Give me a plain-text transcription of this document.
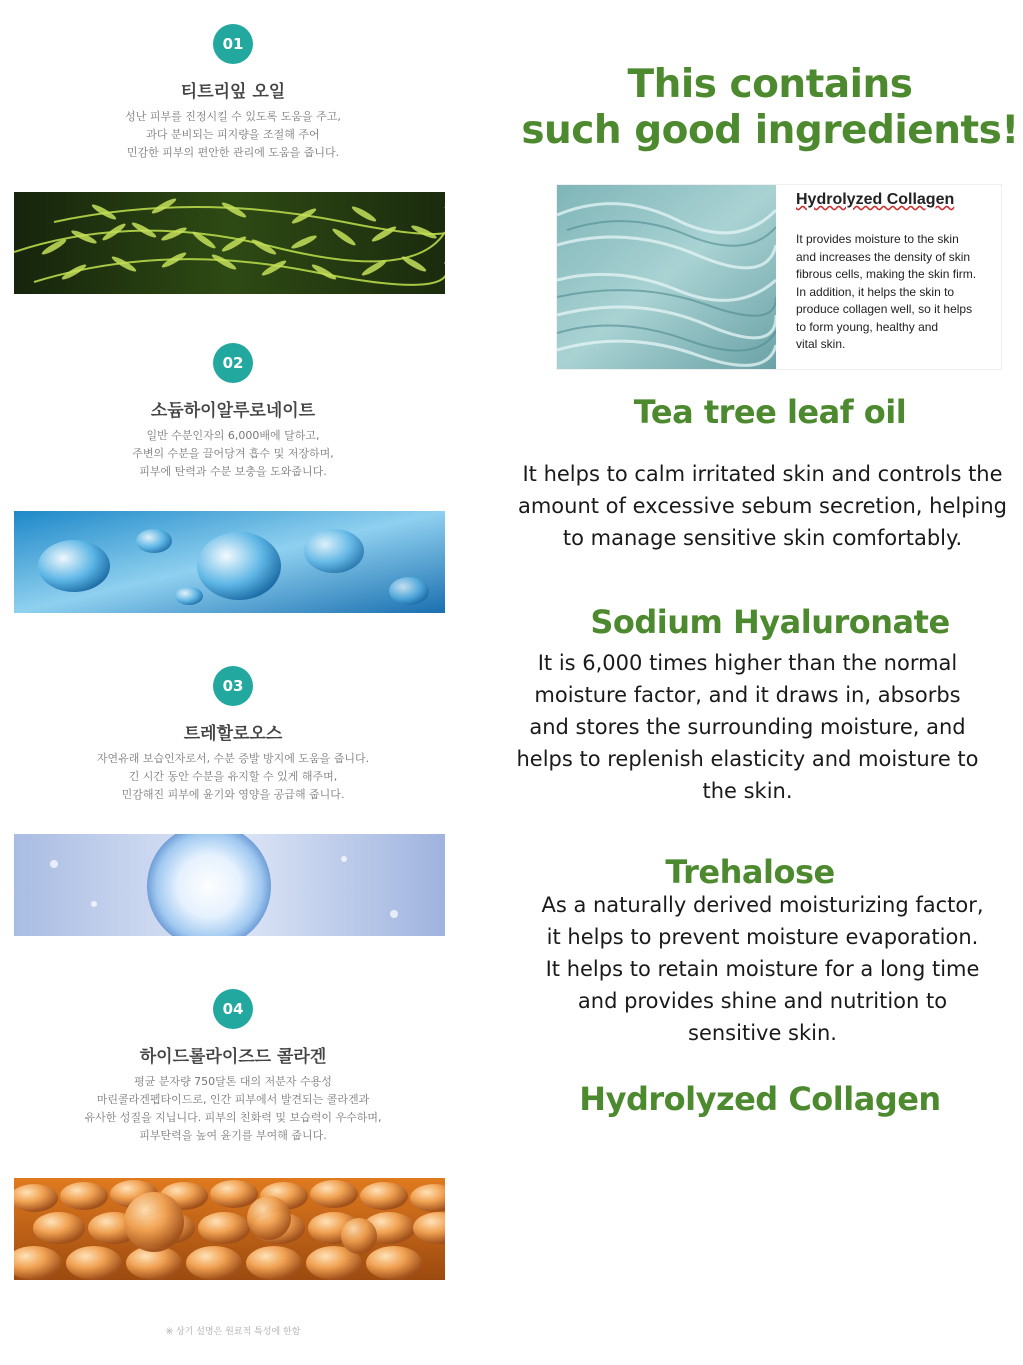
01
티트리잎 오일
성난 피부를 진정시킬 수 있도록 도움을 주고,
과다 분비되는 피지량을 조절해 주어
민감한 피부의 편안한 관리에 도움을 줍니다.
02
소듐하이알루로네이트
일반 수분인자의 6,000배에 달하고,
주변의 수분을 끌어당겨 흡수 및 저장하며,
피부에 탄력과 수분 보충을 도와줍니다.
03
트레할로오스
자연유래 보습인자로서, 수분 증발 방지에 도움을 줍니다.
긴 시간 동안 수분을 유지할 수 있게 해주며,
민감해진 피부에 윤기와 영양을 공급해 줍니다.
04
하이드롤라이즈드 콜라겐
평균 분자량 750달톤 대의 저분자 수용성
마린콜라겐펩타이드로, 인간 피부에서 발견되는 콜라겐과
유사한 성질을 지닙니다. 피부의 친화력 및 보습력이 우수하며,
피부탄력을 높여 윤기를 부여해 줍니다.
※ 상기 설명은 원료적 특성에 한함
This contains
such good ingredients!
Hydrolyzed Collagen
It provides moisture to the skin
and increases the density of skin
fibrous cells, making the skin firm.
In addition, it helps the skin to
produce collagen well, so it helps
to form young, healthy and
vital skin.
Tea tree leaf oil
It helps to calm irritated skin and controls the
amount of excessive sebum secretion, helping
to manage sensitive skin comfortably.
Sodium Hyaluronate
It is 6,000 times higher than the normal
moisture factor, and it draws in, absorbs
and stores the surrounding moisture, and
helps to replenish elasticity and moisture to
the skin.
Trehalose
As a naturally derived moisturizing factor,
it helps to prevent moisture evaporation.
It helps to retain moisture for a long time
and provides shine and nutrition to
sensitive skin.
Hydrolyzed Collagen
